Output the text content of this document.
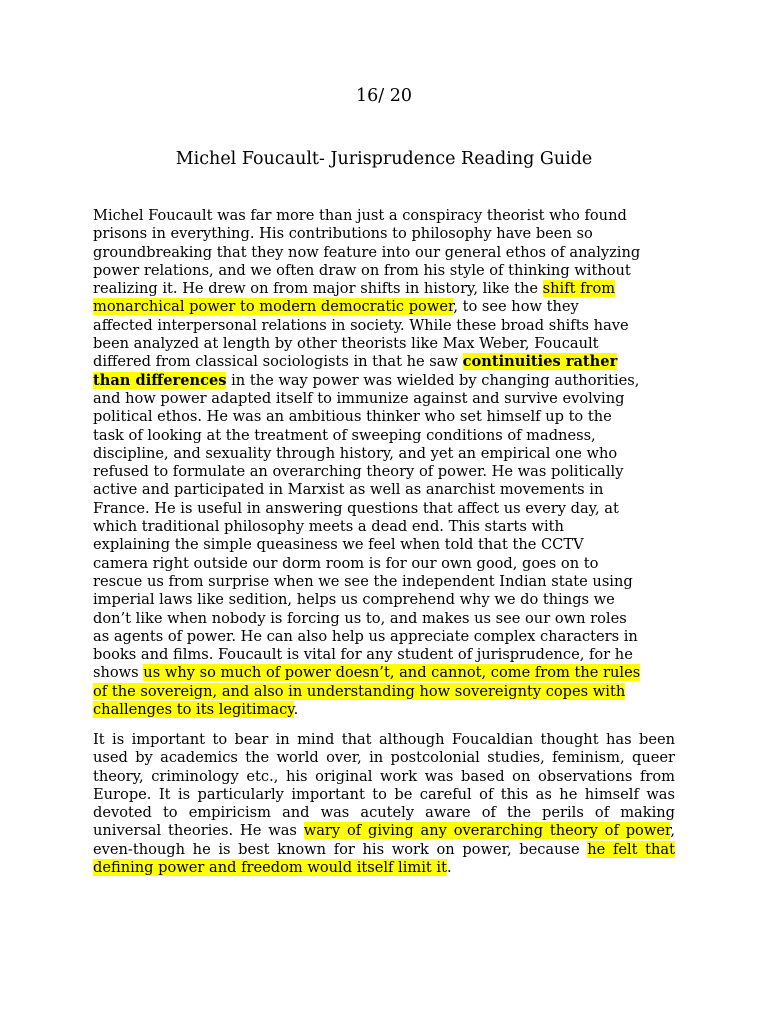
16/ 20
Michel Foucault- Jurisprudence Reading Guide
Michel Foucault was far more than just a conspiracy theorist who found
prisons in everything. His contributions to philosophy have been so
groundbreaking that they now feature into our general ethos of analyzing
power relations, and we often draw on from his style of thinking without
realizing it. He drew on from major shifts in history, like the shift from
monarchical power to modern democratic power, to see how they
affected interpersonal relations in society. While these broad shifts have
been analyzed at length by other theorists like Max Weber, Foucault
differed from classical sociologists in that he saw continuities rather
than differences in the way power was wielded by changing authorities,
and how power adapted itself to immunize against and survive evolving
political ethos. He was an ambitious thinker who set himself up to the
task of looking at the treatment of sweeping conditions of madness,
discipline, and sexuality through history, and yet an empirical one who
refused to formulate an overarching theory of power. He was politically
active and participated in Marxist as well as anarchist movements in
France. He is useful in answering questions that affect us every day, at
which traditional philosophy meets a dead end. This starts with
explaining the simple queasiness we feel when told that the CCTV
camera right outside our dorm room is for our own good, goes on to
rescue us from surprise when we see the independent Indian state using
imperial laws like sedition, helps us comprehend why we do things we
don’t like when nobody is forcing us to, and makes us see our own roles
as agents of power. He can also help us appreciate complex characters in
books and films. Foucault is vital for any student of jurisprudence, for he
shows us why so much of power doesn’t, and cannot, come from the rules
of the sovereign, and also in understanding how sovereignty copes with
challenges to its legitimacy.
It is important to bear in mind that although Foucaldian thought has been used by academics the world over, in postcolonial studies, feminism, queer theory, criminology etc., his original work was based on observations from Europe. It is particularly important to be careful of this as he himself was devoted to empiricism and was acutely aware of the perils of making universal theories. He was wary of giving any overarching theory of power, even-though he is best known for his work on power, because he felt that defining power and freedom would itself limit it.
